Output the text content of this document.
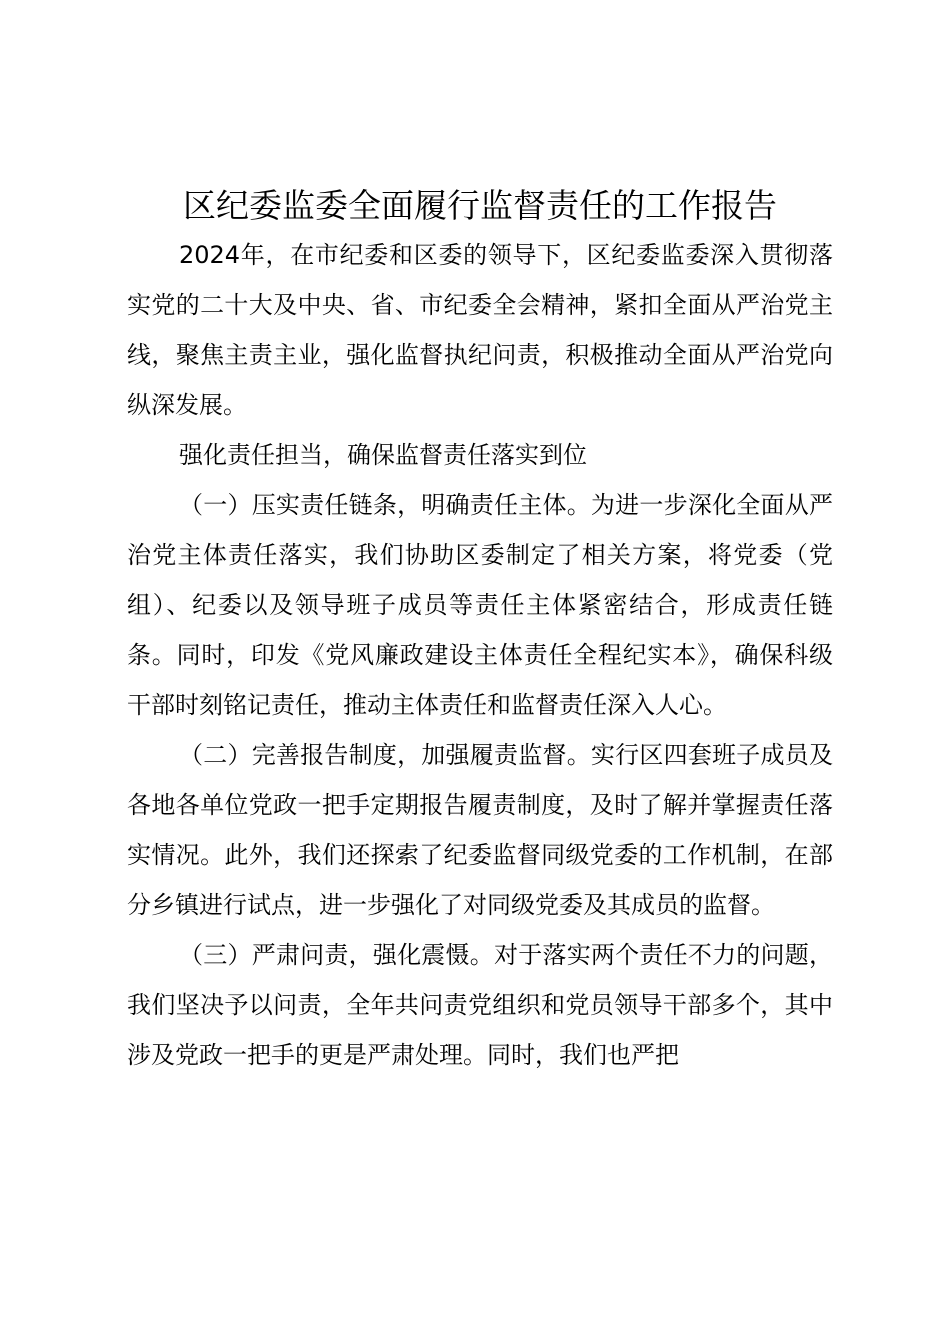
区纪委监委全面履行监督责任的工作报告

2024年，在市纪委和区委的领导下，区纪委监委深入贯彻落实党的二十大及中央、省、市纪委全会精神，紧扣全面从严治党主线，聚焦主责主业，强化监督执纪问责，积极推动全面从严治党向纵深发展。

强化责任担当，确保监督责任落实到位

（一）压实责任链条，明确责任主体。为进一步深化全面从严治党主体责任落实，我们协助区委制定了相关方案，将党委（党组）、纪委以及领导班子成员等责任主体紧密结合，形成责任链条。同时，印发《党风廉政建设主体责任全程纪实本》，确保科级干部时刻铭记责任，推动主体责任和监督责任深入人心。

（二）完善报告制度，加强履责监督。实行区四套班子成员及各地各单位党政一把手定期报告履责制度，及时了解并掌握责任落实情况。此外，我们还探索了纪委监督同级党委的工作机制，在部分乡镇进行试点，进一步强化了对同级党委及其成员的监督。

（三）严肃问责，强化震慑。对于落实两个责任不力的问题，我们坚决予以问责，全年共问责党组织和党员领导干部多个，其中涉及党政一把手的更是严肃处理。同时，我们也严把
